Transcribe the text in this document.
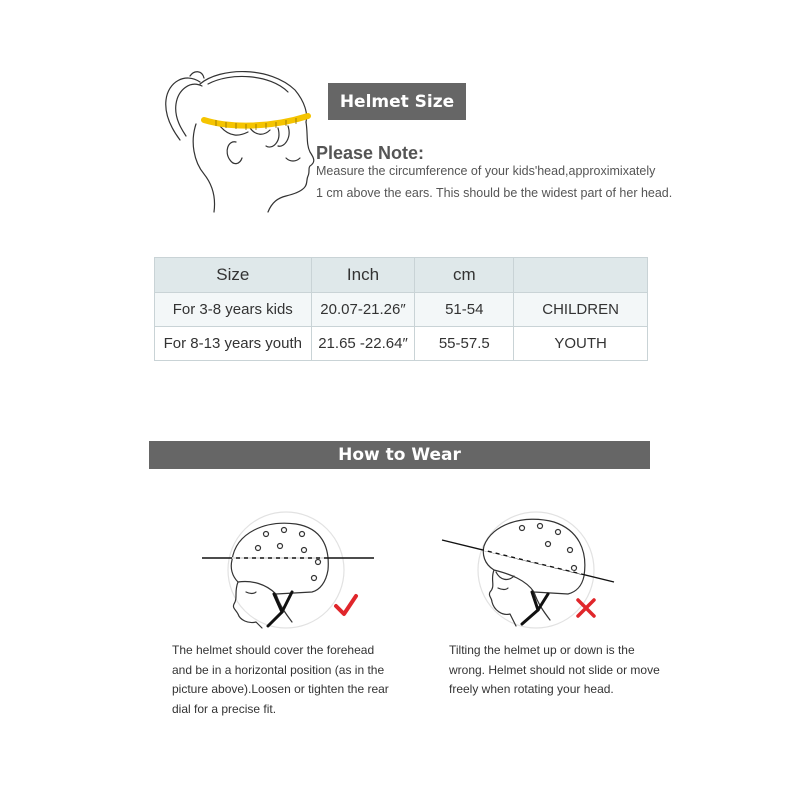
Helmet Size
Please Note:
Measure the circumference of your kids'head,approximixately
1 cm above the ears. This should be the widest part of her head.
Size	Inch	cm	
For 3-8 years kids	20.07-21.26″	51-54	CHILDREN
For 8-13 years youth	21.65 -22.64″	55-57.5	YOUTH
How to Wear
The helmet should cover the forehead
and be in a horizontal position (as in the
picture above).Loosen or tighten the rear
dial for a precise fit.
Tilting the helmet up or down is the
wrong. Helmet should not slide or move
freely when rotating your head.
